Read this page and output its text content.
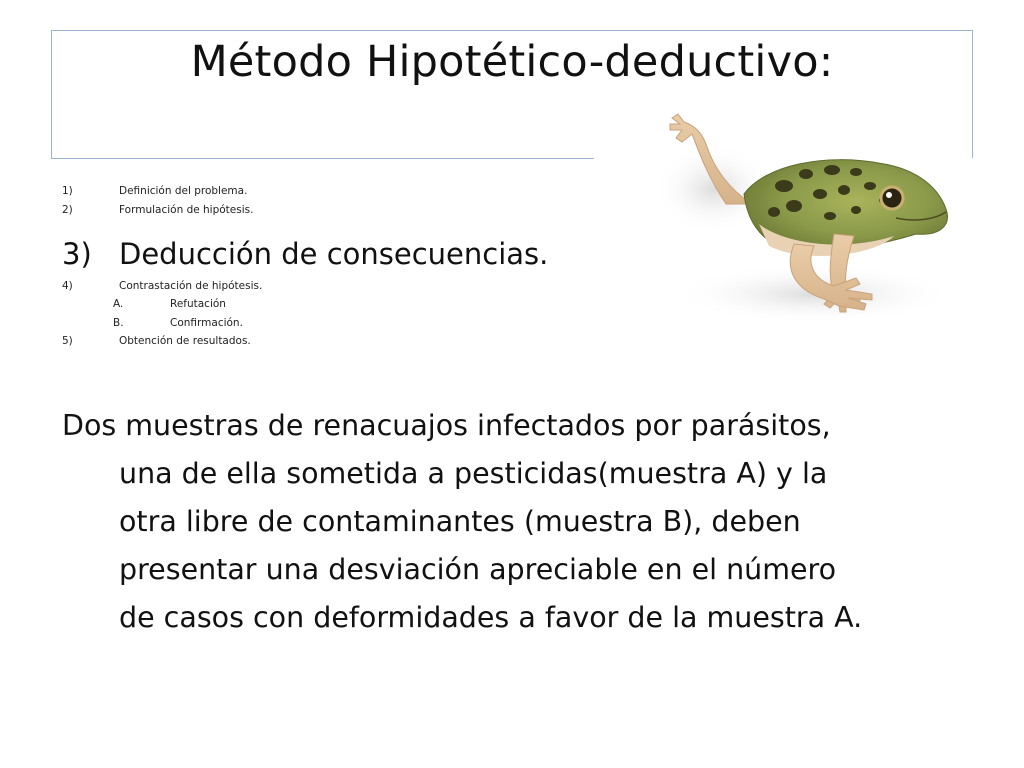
Método Hipotético-deductivo:
1)	Definición del problema.
2)	Formulación de hipótesis.
3) Deducción de consecuencias.
4)	Contrastación de hipótesis.
A.	Refutación
B.	Confirmación.
5)	Obtención de resultados.

Dos muestras de renacuajos infectados por parásitos,
una de ella sometida a pesticidas(muestra A) y la
otra libre de contaminantes (muestra B), deben
presentar una desviación apreciable en el número
de casos con deformidades a favor de la muestra A.
